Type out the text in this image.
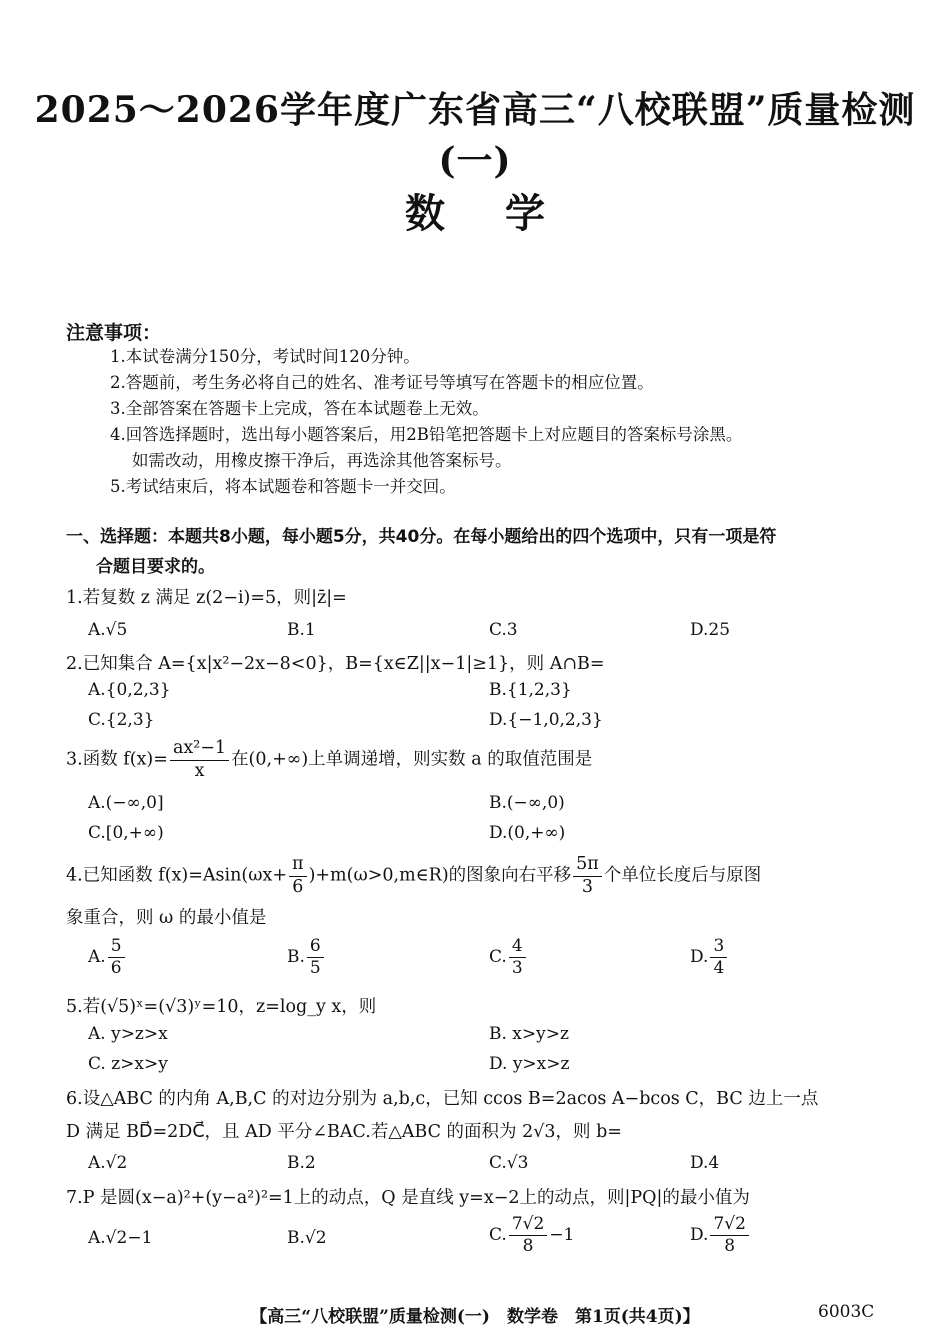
2025～2026学年度广东省高三“八校联盟”质量检测(一)
数学
注意事项：
1.本试卷满分150分，考试时间120分钟。
2.答题前，考生务必将自己的姓名、准考证号等填写在答题卡的相应位置。
3.全部答案在答题卡上完成，答在本试题卷上无效。
4.回答选择题时，选出每小题答案后，用2B铅笔把答题卡上对应题目的答案标号涂黑。
如需改动，用橡皮擦干净后，再选涂其他答案标号。
5.考试结束后，将本试题卷和答题卡一并交回。
一、选择题：本题共8小题，每小题5分，共40分。在每小题给出的四个选项中，只有一项是符
合题目要求的。
1.若复数 z 满足 z(2−i)=5，则|z̄|=
A.√5	B.1	C.3	D.25
2.已知集合 A={x|x²−2x−8<0}，B={x∈Z||x−1|≥1}，则 A∩B=
A.{0,2,3}	B.{1,2,3}
C.{2,3}	D.{−1,0,2,3}
3.函数 $f(x)= \frac{\text{ax²−1}}{x}$ 在(0,+∞)上单调递增，则实数 a 的取值范围是
A.(−∞,0]	B.(−∞,0)
C.[0,+∞)	D.(0,+∞)
4.已知函数 $f(x)=Asin(\omega x+ \frac{\pi}{6}$ )+m(ω>0,m∈R)的图象向右平移 $\frac{5\pi}{3}$ 个单位长度后与原图
象重合，则 ω 的最小值是
A. $\frac{5}{6}$	B. $\frac{6}{5}$	C. $\frac{4}{3}$	D. $\frac{3}{4}$
5.若(√5)ˣ=(√3)ʸ=10，z=log_y x，则
A. y>z>x	B. x>y>z
C. z>x>y	D. y>x>z
6.设△ABC 的内角 A,B,C 的对边分别为 a,b,c，已知 ccos B=2acos A−bcos C，BC 边上一点
D 满足 BD⃗=2DC⃗，且 AD 平分∠BAC.若△ABC 的面积为 2√3，则 b=
A.√2	B.2	C.√3	D.4
7.P 是圆(x−a)²+(y−a²)²=1上的动点，Q 是直线 y=x−2上的动点，则|PQ|的最小值为
A.√2−1	B.√2	C. $\frac{7√2}{8} -1$	D. $\frac{7√2}{8}$
【高三“八校联盟”质量检测(一)　数学卷　第1页(共4页)】	6003C
